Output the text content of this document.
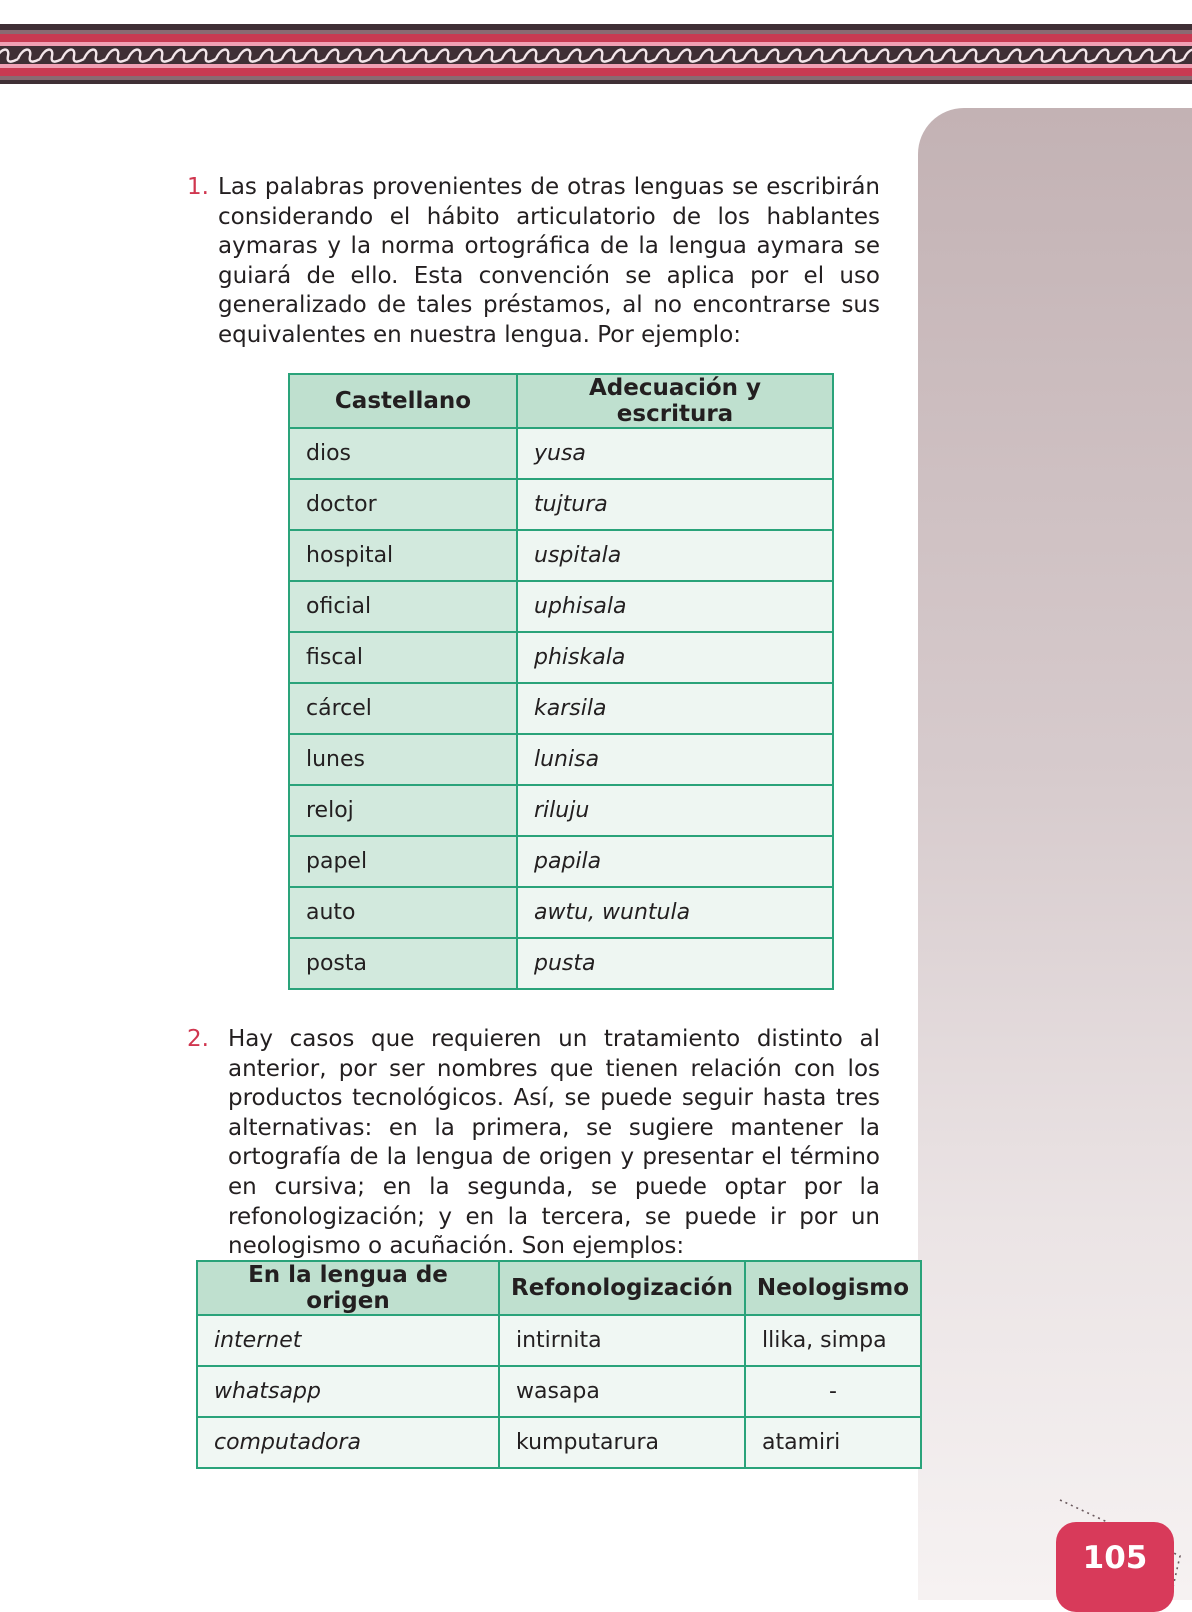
1. Las palabras provenientes de otras lenguas se escribirán considerando el hábito articulatorio de los hablantes aymaras y la norma ortográfica de la lengua aymara se guiará de ello. Esta convención se aplica por el uso generalizado de tales préstamos, al no encontrarse sus equivalentes en nuestra lengua. Por ejemplo:
Castellano	Adecuación y escritura
dios	yusa
doctor	tujtura
hospital	uspitala
oficial	uphisala
fiscal	phiskala
cárcel	karsila
lunes	lunisa
reloj	riluju
papel	papila
auto	awtu, wuntula
posta	pusta
2. Hay casos que requieren un tratamiento distinto al anterior, por ser nombres que tienen relación con los productos tecnológicos. Así, se puede seguir hasta tres alternativas: en la primera, se sugiere mantener la ortografía de la lengua de origen y presentar el término en cursiva; en la segunda, se puede optar por la refonologización; y en la tercera, se puede ir por un neologismo o acuñación. Son ejemplos:
En la lengua de origen	Refonologización	Neologismo
internet	intirnita	llika, simpa
whatsapp	wasapa	-
computadora	kumputarura	atamiri
105
